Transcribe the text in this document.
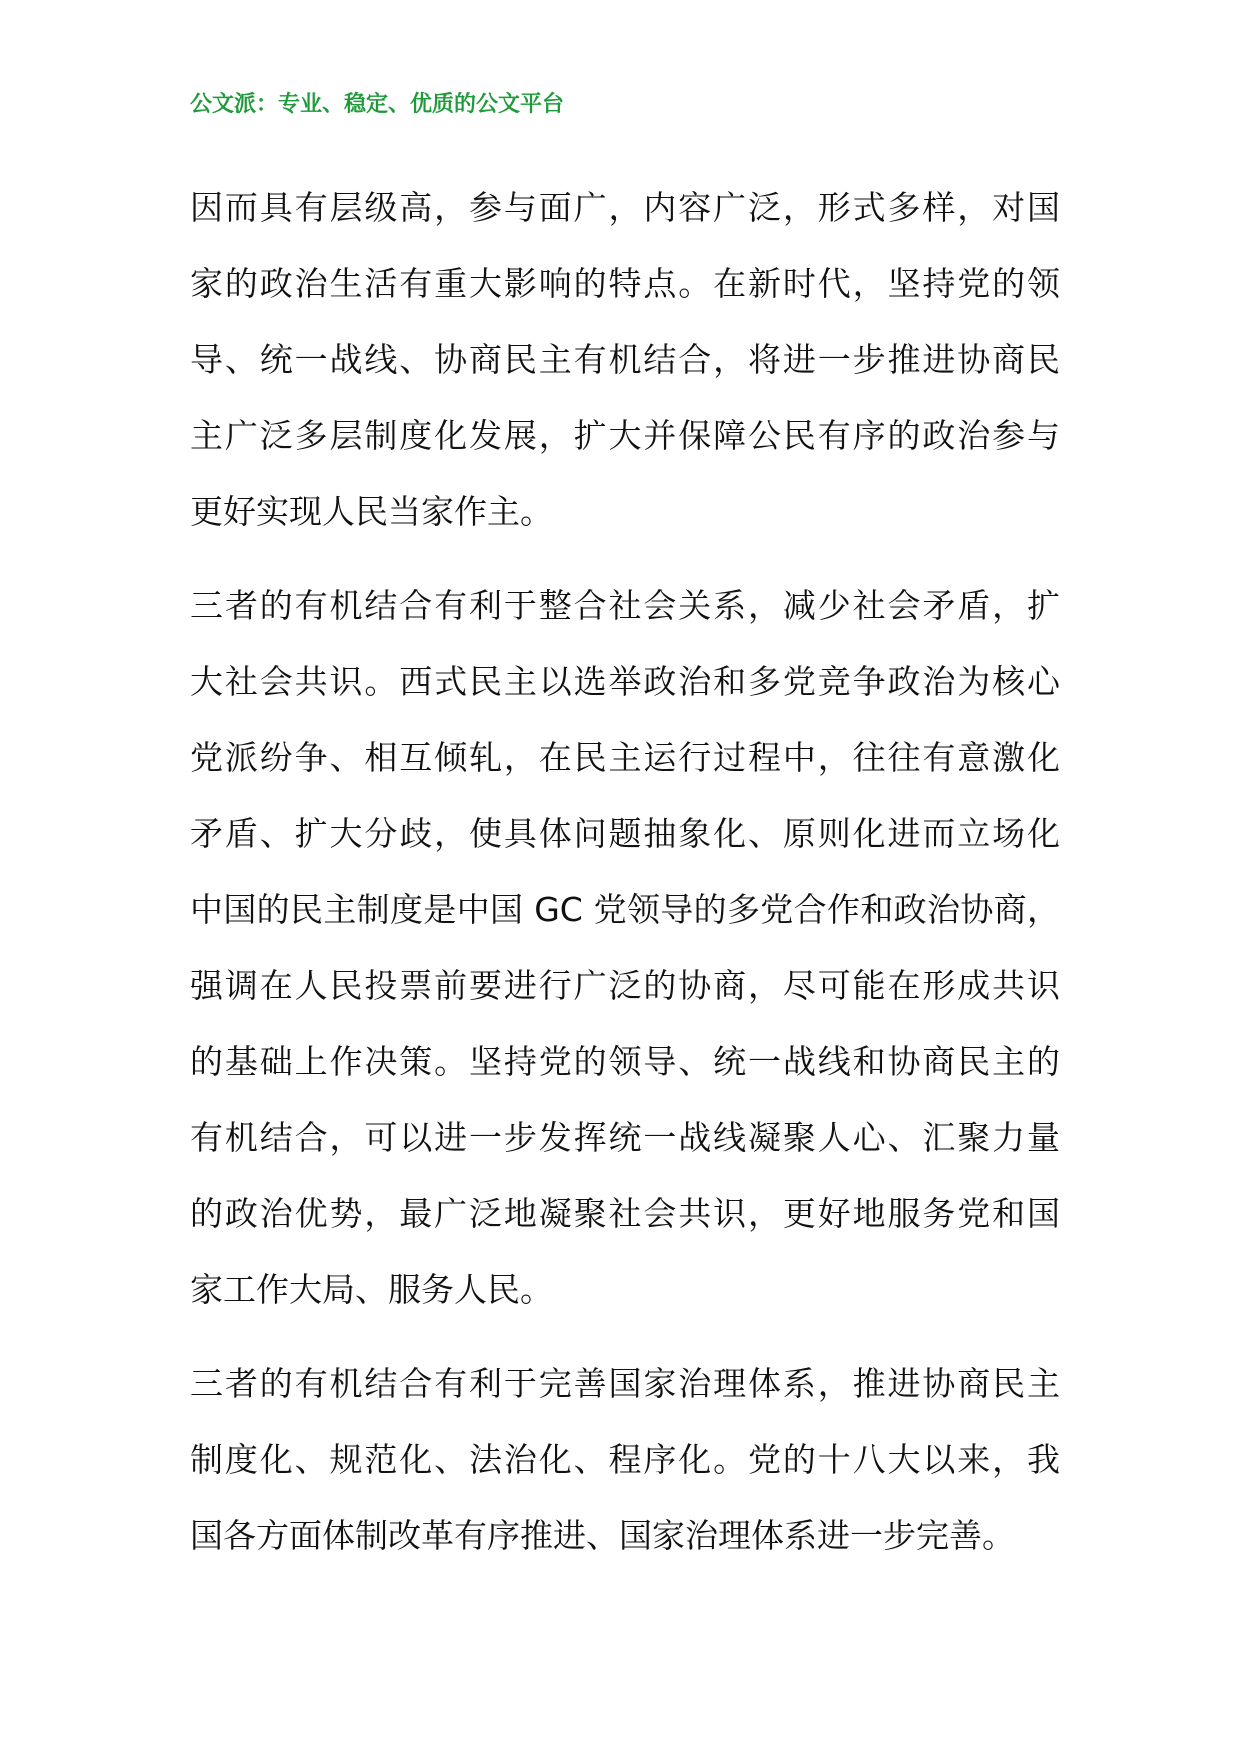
公文派：专业、稳定、优质的公文平台
因而具有层级高，参与面广，内容广泛，形式多样，对国
家的政治生活有重大影响的特点。在新时代，坚持党的领
导、统一战线、协商民主有机结合，将进一步推进协商民
主广泛多层制度化发展，扩大并保障公民有序的政治参与
更好实现人民当家作主。
三者的有机结合有利于整合社会关系，减少社会矛盾，扩
大社会共识。西式民主以选举政治和多党竞争政治为核心
党派纷争、相互倾轧，在民主运行过程中，往往有意激化
矛盾、扩大分歧，使具体问题抽象化、原则化进而立场化
中国的民主制度是中国 GC 党领导的多党合作和政治协商，
强调在人民投票前要进行广泛的协商，尽可能在形成共识
的基础上作决策。坚持党的领导、统一战线和协商民主的
有机结合，可以进一步发挥统一战线凝聚人心、汇聚力量
的政治优势，最广泛地凝聚社会共识，更好地服务党和国
家工作大局、服务人民。
三者的有机结合有利于完善国家治理体系，推进协商民主
制度化、规范化、法治化、程序化。党的十八大以来，我
国各方面体制改革有序推进、国家治理体系进一步完善。
